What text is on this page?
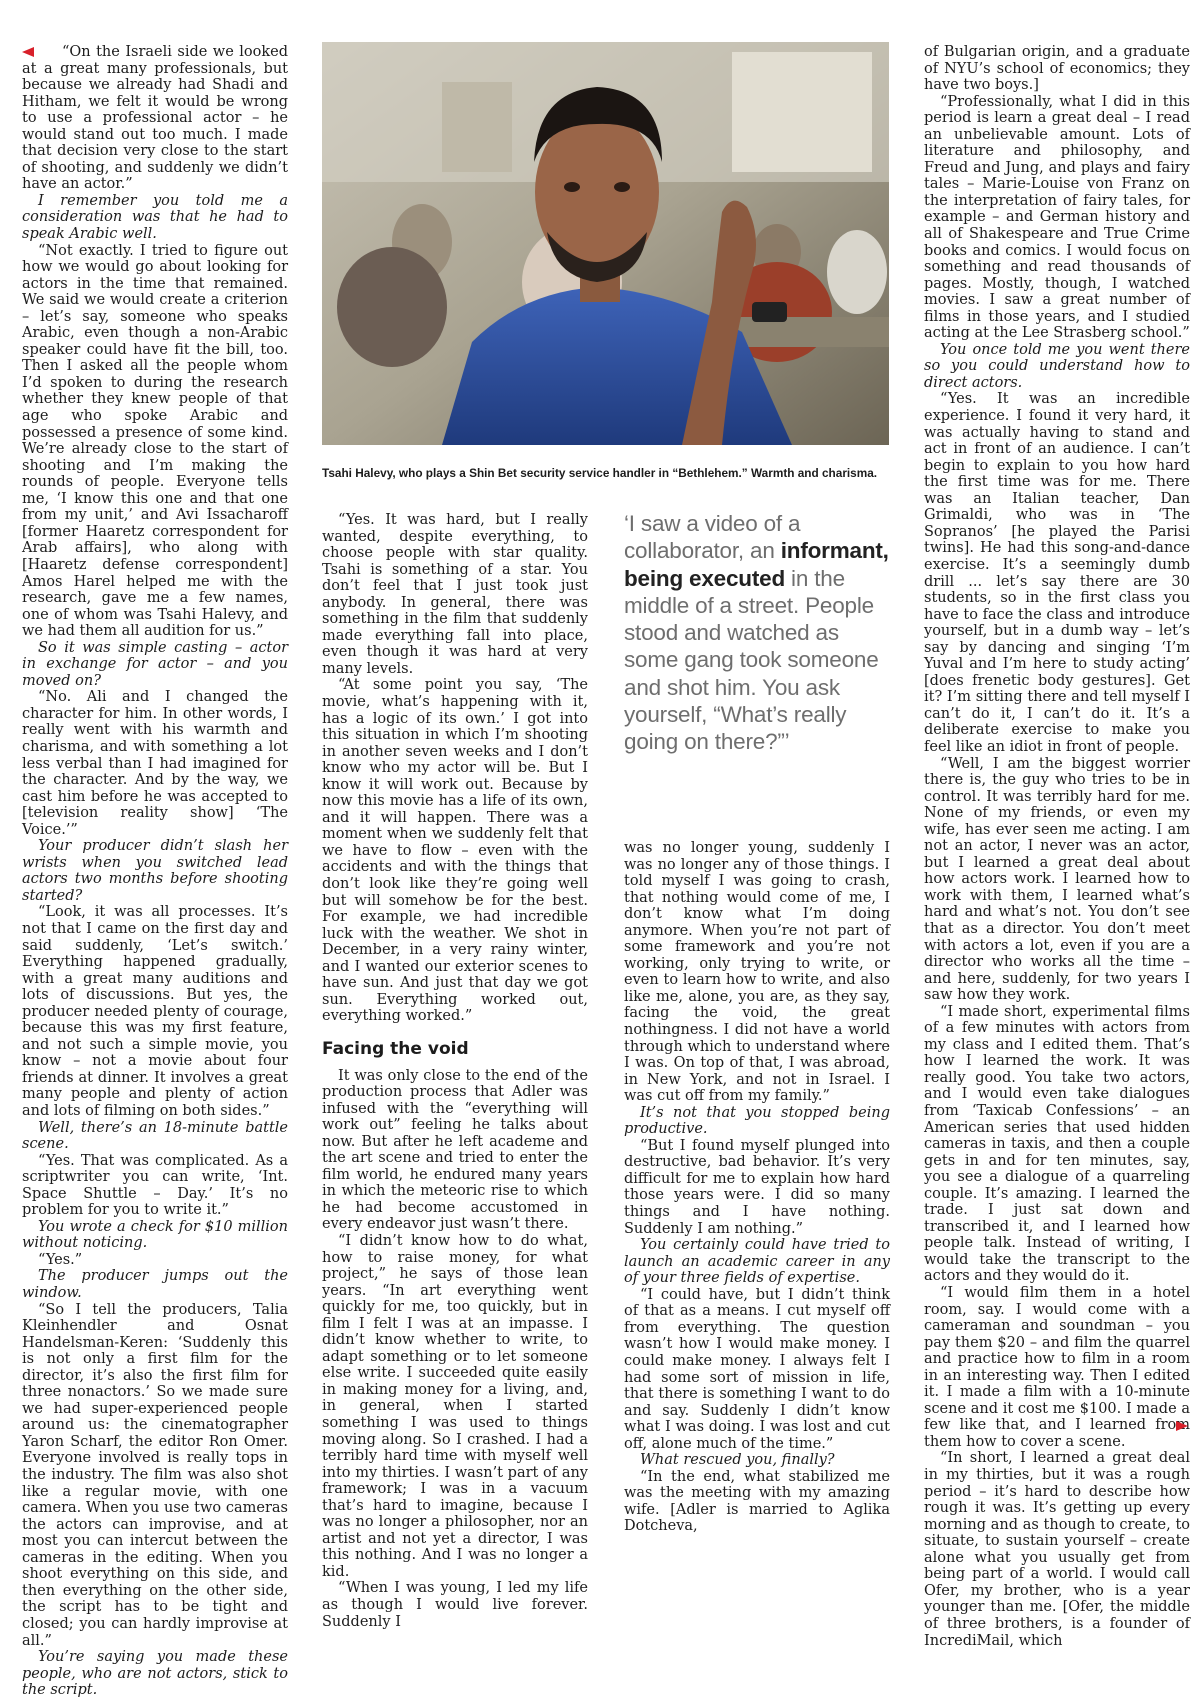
“On the Israeli side we looked at a great many professionals, but because we already had Shadi and Hitham, we felt it would be wrong to use a professional actor – he would stand out too much. I made that decision very close to the start of shooting, and suddenly we didn’t have an actor.”

I remember you told me a consideration was that he had to speak Arabic well.

“Not exactly. I tried to figure out how we would go about looking for actors in the time that remained. We said we would create a criterion – let’s say, someone who speaks Arabic, even though a non-Arabic speaker could have fit the bill, too. Then I asked all the people whom I’d spoken to during the research whether they knew people of that age who spoke Arabic and possessed a presence of some kind. We’re already close to the start of shooting and I’m making the rounds of people. Everyone tells me, ‘I know this one and that one from my unit,’ and Avi Issacharoff [former Haaretz correspondent for Arab affairs], who along with [Haaretz defense correspondent] Amos Harel helped me with the research, gave me a few names, one of whom was Tsahi Halevy, and we had them all audition for us.”

So it was simple casting – actor in exchange for actor – and you moved on?

“No. Ali and I changed the character for him. In other words, I really went with his warmth and charisma, and with something a lot less verbal than I had imagined for the character. And by the way, we cast him before he was accepted to [television reality show] ‘The Voice.’”

Your producer didn’t slash her wrists when you switched lead actors two months before shooting started?

“Look, it was all processes. It’s not that I came on the first day and said suddenly, ‘Let’s switch.’ Everything happened gradually, with a great many auditions and lots of discussions. But yes, the producer needed plenty of courage, because this was my first feature, and not such a simple movie, you know – not a movie about four friends at dinner. It involves a great many people and plenty of action and lots of filming on both sides.”

Well, there’s an 18-minute battle scene.

“Yes. That was complicated. As a scriptwriter you can write, ‘Int. Space Shuttle – Day.’ It’s no problem for you to write it.”

You wrote a check for $10 million without noticing.

“Yes.”

The producer jumps out the window.

“So I tell the producers, Talia Kleinhendler and Osnat Handelsman-Keren: ‘Suddenly this is not only a first film for the director, it’s also the first film for three nonactors.’ So we made sure we had super-experienced people around us: the cinematographer Yaron Scharf, the editor Ron Omer. Everyone involved is really tops in the industry. The film was also shot like a regular movie, with one camera. When you use two cameras the actors can improvise, and at most you can intercut between the cameras in the editing. When you shoot everything on this side, and then everything on the other side, the script has to be tight and closed; you can hardly improvise at all.”

You’re saying you made these people, who are not actors, stick to the script.

Tsahi Halevy, who plays a Shin Bet security service handler in “Bethlehem.” Warmth and charisma.

“Yes. It was hard, but I really wanted, despite everything, to choose people with star quality. Tsahi is something of a star. You don’t feel that I just took just anybody. In general, there was something in the film that suddenly made everything fall into place, even though it was hard at very many levels.

“At some point you say, ‘The movie, what’s happening with it, has a logic of its own.’ I got into this situation in which I’m shooting in another seven weeks and I don’t know who my actor will be. But I know it will work out. Because by now this movie has a life of its own, and it will happen. There was a moment when we suddenly felt that we have to flow – even with the accidents and with the things that don’t look like they’re going well but will somehow be for the best. For example, we had incredible luck with the weather. We shot in December, in a very rainy winter, and I wanted our exterior scenes to have sun. And just that day we got sun. Everything worked out, everything worked.”

Facing the void

It was only close to the end of the production process that Adler was infused with the “everything will work out” feeling he talks about now. But after he left academe and the art scene and tried to enter the film world, he endured many years in which the meteoric rise to which he had become accustomed in every endeavor just wasn’t there.

“I didn’t know how to do what, how to raise money, for what project,” he says of those lean years. “In art everything went quickly for me, too quickly, but in film I felt I was at an impasse. I didn’t know whether to write, to adapt something or to let someone else write. I succeeded quite easily in making money for a living, and, in general, when I started something I was used to things moving along. So I crashed. I had a terribly hard time with myself well into my thirties. I wasn’t part of any framework; I was in a vacuum that’s hard to imagine, because I was no longer a philosopher, nor an artist and not yet a director, I was this nothing. And I was no longer a kid.

“When I was young, I led my life as though I would live forever. Suddenly I

‘I saw a video of a collaborator, an informant, being executed in the middle of a street. People stood and watched as some gang took someone and shot him. You ask yourself, “What’s really going on there?”’

was no longer young, suddenly I was no longer any of those things. I told myself I was going to crash, that nothing would come of me, I don’t know what I’m doing anymore. When you’re not part of some framework and you’re not working, only trying to write, or even to learn how to write, and also like me, alone, you are, as they say, facing the void, the great nothingness. I did not have a world through which to understand where I was. On top of that, I was abroad, in New York, and not in Israel. I was cut off from my family.”

It’s not that you stopped being productive.

“But I found myself plunged into destructive, bad behavior. It’s very difficult for me to explain how hard those years were. I did so many things and I have nothing. Suddenly I am nothing.”

You certainly could have tried to launch an academic career in any of your three fields of expertise.

“I could have, but I didn’t think of that as a means. I cut myself off from everything. The question wasn’t how I would make money. I could make money. I always felt I had some sort of mission in life, that there is something I want to do and say. Suddenly I didn’t know what I was doing. I was lost and cut off, alone much of the time.”

What rescued you, finally?

“In the end, what stabilized me was the meeting with my amazing wife. [Adler is married to Aglika Dotcheva,

of Bulgarian origin, and a graduate of NYU’s school of economics; they have two boys.]

“Professionally, what I did in this period is learn a great deal – I read an unbelievable amount. Lots of literature and philosophy, and Freud and Jung, and plays and fairy tales – Marie-Louise von Franz on the interpretation of fairy tales, for example – and German history and all of Shakespeare and True Crime books and comics. I would focus on something and read thousands of pages. Mostly, though, I watched movies. I saw a great number of films in those years, and I studied acting at the Lee Strasberg school.”

You once told me you went there so you could understand how to direct actors.

“Yes. It was an incredible experience. I found it very hard, it was actually having to stand and act in front of an audience. I can’t begin to explain to you how hard the first time was for me. There was an Italian teacher, Dan Grimaldi, who was in ‘The Sopranos’ [he played the Parisi twins]. He had this song-and-dance exercise. It’s a seemingly dumb drill ... let’s say there are 30 students, so in the first class you have to face the class and introduce yourself, but in a dumb way – let’s say by dancing and singing ‘I’m Yuval and I’m here to study acting’ [does frenetic body gestures]. Get it? I’m sitting there and tell myself I can’t do it, I can’t do it. It’s a deliberate exercise to make you feel like an idiot in front of people.

“Well, I am the biggest worrier there is, the guy who tries to be in control. It was terribly hard for me. None of my friends, or even my wife, has ever seen me acting. I am not an actor, I never was an actor, but I learned a great deal about how actors work. I learned how to work with them, I learned what’s hard and what’s not. You don’t see that as a director. You don’t meet with actors a lot, even if you are a director who works all the time – and here, suddenly, for two years I saw how they work.

“I made short, experimental films of a few minutes with actors from my class and I edited them. That’s how I learned the work. It was really good. You take two actors, and I would even take dialogues from ‘Taxicab Confessions’ – an American series that used hidden cameras in taxis, and then a couple gets in and for ten minutes, say, you see a dialogue of a quarreling couple. It’s amazing. I learned the trade. I just sat down and transcribed it, and I learned how people talk. Instead of writing, I would take the transcript to the actors and they would do it.

“I would film them in a hotel room, say. I would come with a cameraman and soundman – you pay them $20 – and film the quarrel and practice how to film in a room in an interesting way. Then I edited it. I made a film with a 10-minute scene and it cost me $100. I made a few like that, and I learned from them how to cover a scene.

“In short, I learned a great deal in my thirties, but it was a rough period – it’s hard to describe how rough it was. It’s getting up every morning and as though to create, to situate, to sustain yourself – create alone what you usually get from being part of a world. I would call Ofer, my brother, who is a year younger than me. [Ofer, the middle of three brothers, is a founder of IncrediMail, which
